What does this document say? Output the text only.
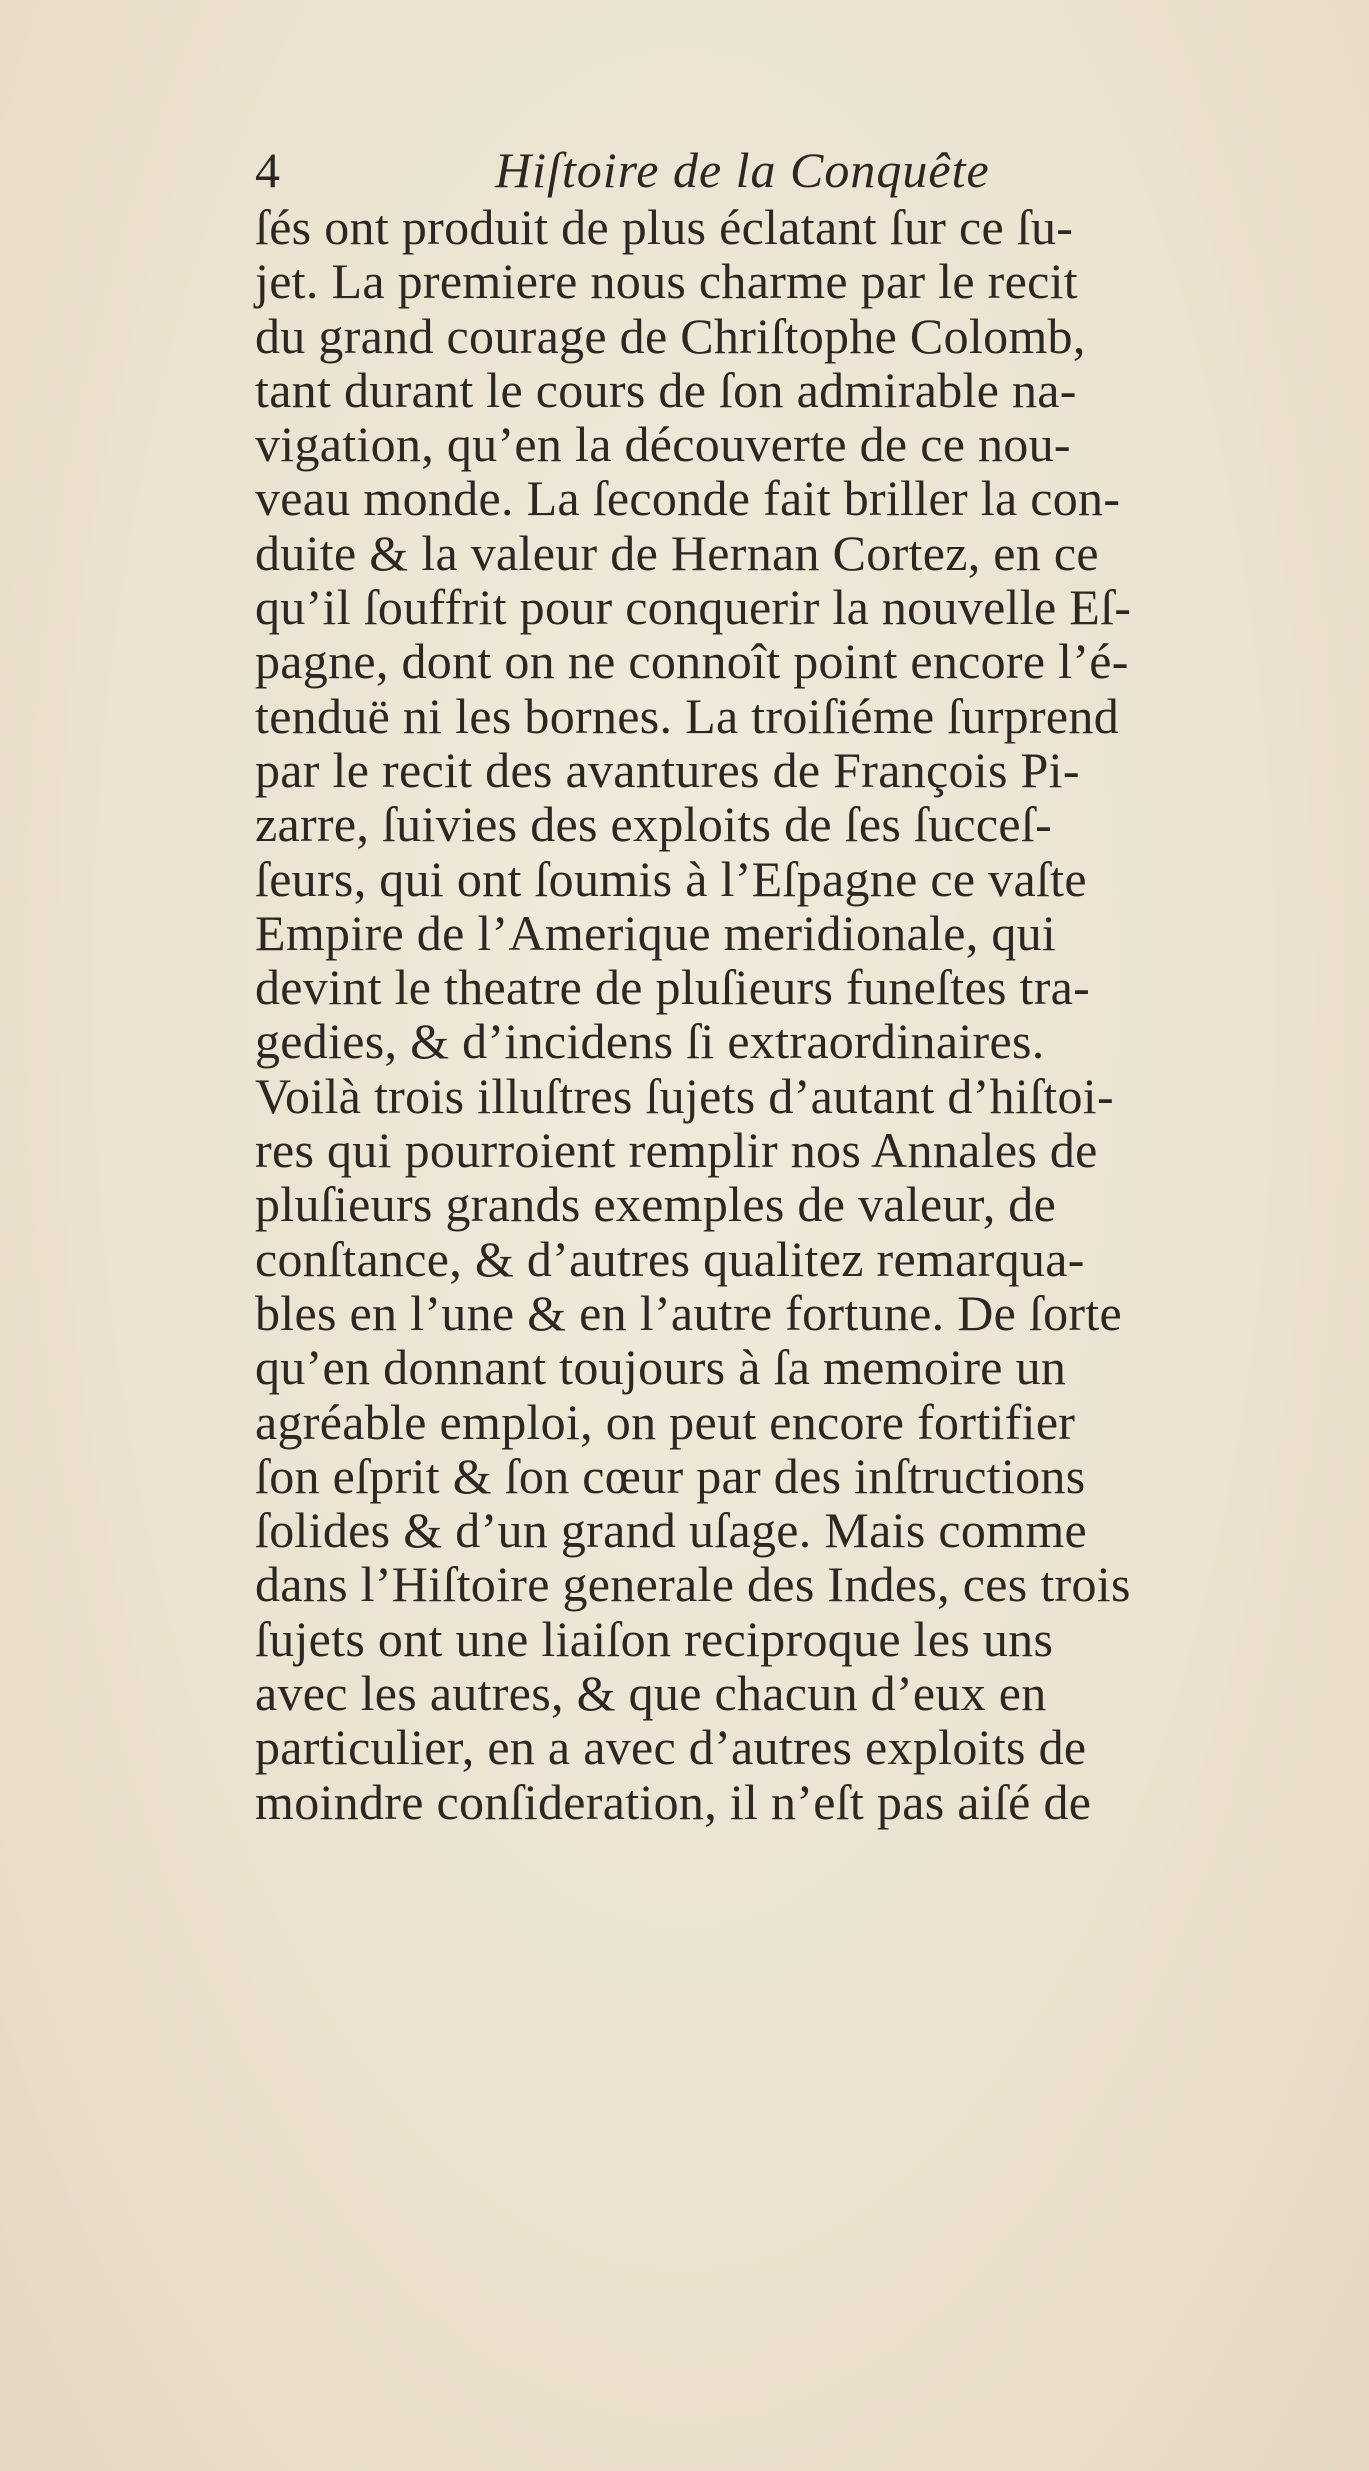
4	Hiſtoire de la Conquête
ſés ont produit de plus éclatant ſur ce ſu-
jet. La premiere nous charme par le recit
du grand courage de Chriſtophe Colomb,
tant durant le cours de ſon admirable na-
vigation, qu’en la découverte de ce nou-
veau monde. La ſeconde fait briller la con-
duite & la valeur de Hernan Cortez, en ce
qu’il ſouffrit pour conquerir la nouvelle Eſ-
pagne, dont on ne connoît point encore l’é-
tenduë ni les bornes. La troiſiéme ſurprend
par le recit des avantures de François Pi-
zarre, ſuivies des exploits de ſes ſucceſ-
ſeurs, qui ont ſoumis à l’Eſpagne ce vaſte
Empire de l’Amerique meridionale, qui
devint le theatre de pluſieurs funeſtes tra-
gedies, & d’incidens ſi extraordinaires.
Voilà trois illuſtres ſujets d’autant d’hiſtoi-
res qui pourroient remplir nos Annales de
pluſieurs grands exemples de valeur, de
conſtance, & d’autres qualitez remarqua-
bles en l’une & en l’autre fortune. De ſorte
qu’en donnant toujours à ſa memoire un
agréable emploi, on peut encore fortifier
ſon eſprit & ſon cœur par des inſtructions
ſolides & d’un grand uſage. Mais comme
dans l’Hiſtoire generale des Indes, ces trois
ſujets ont une liaiſon reciproque les uns
avec les autres, & que chacun d’eux en
particulier, en a avec d’autres exploits de
moindre conſideration, il n’eſt pas aiſé de
